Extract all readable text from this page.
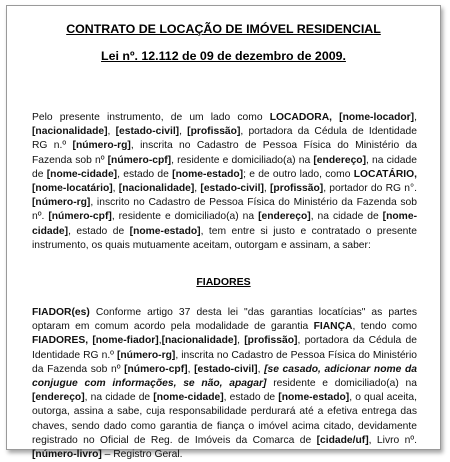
CONTRATO DE LOCAÇÃO DE IMÓVEL RESIDENCIAL

Lei nº. 12.112 de 09 de dezembro de 2009.

Pelo presente instrumento, de um lado como LOCADORA, [nome-locador], [nacionalidade], [estado-civil], [profissão], portadora da Cédula de Identidade RG n.º [número-rg], inscrita no Cadastro de Pessoa Física do Ministério da Fazenda sob nº [número-cpf], residente e domiciliado(a) na [endereço], na cidade de [nome-cidade], estado de [nome-estado]; e de outro lado, como LOCATÁRIO, [nome-locatário], [nacionalidade], [estado-civil], [profissão], portador do RG n°. [número-rg], inscrito no Cadastro de Pessoa Física do Ministério da Fazenda sob nº. [número-cpf], residente e domiciliado(a) na [endereço], na cidade de [nome-cidade], estado de [nome-estado], tem entre si justo e contratado o presente instrumento, os quais mutuamente aceitam, outorgam e assinam, a saber:

FIADORES

FIADOR(es) Conforme artigo 37 desta lei "das garantias locatícias" as partes optaram em comum acordo pela modalidade de garantia FIANÇA, tendo como FIADORES, [nome-fiador],[nacionalidade], [profissão], portadora da Cédula de Identidade RG n.º [número-rg], inscrita no Cadastro de Pessoa Física do Ministério da Fazenda sob nº [número-cpf], [estado-civil], [se casado, adicionar nome da conjugue com informações, se não, apagar] residente e domiciliado(a) na [endereço], na cidade de [nome-cidade], estado de [nome-estado], o qual aceita, outorga, assina a sabe, cuja responsabilidade perdurará até a efetiva entrega das chaves, sendo dado como garantia de fiança o imóvel acima citado, devidamente registrado no Oficial de Reg. de Imóveis da Comarca de [cidade/uf], Livro nº. [número-livro] – Registro Geral.
